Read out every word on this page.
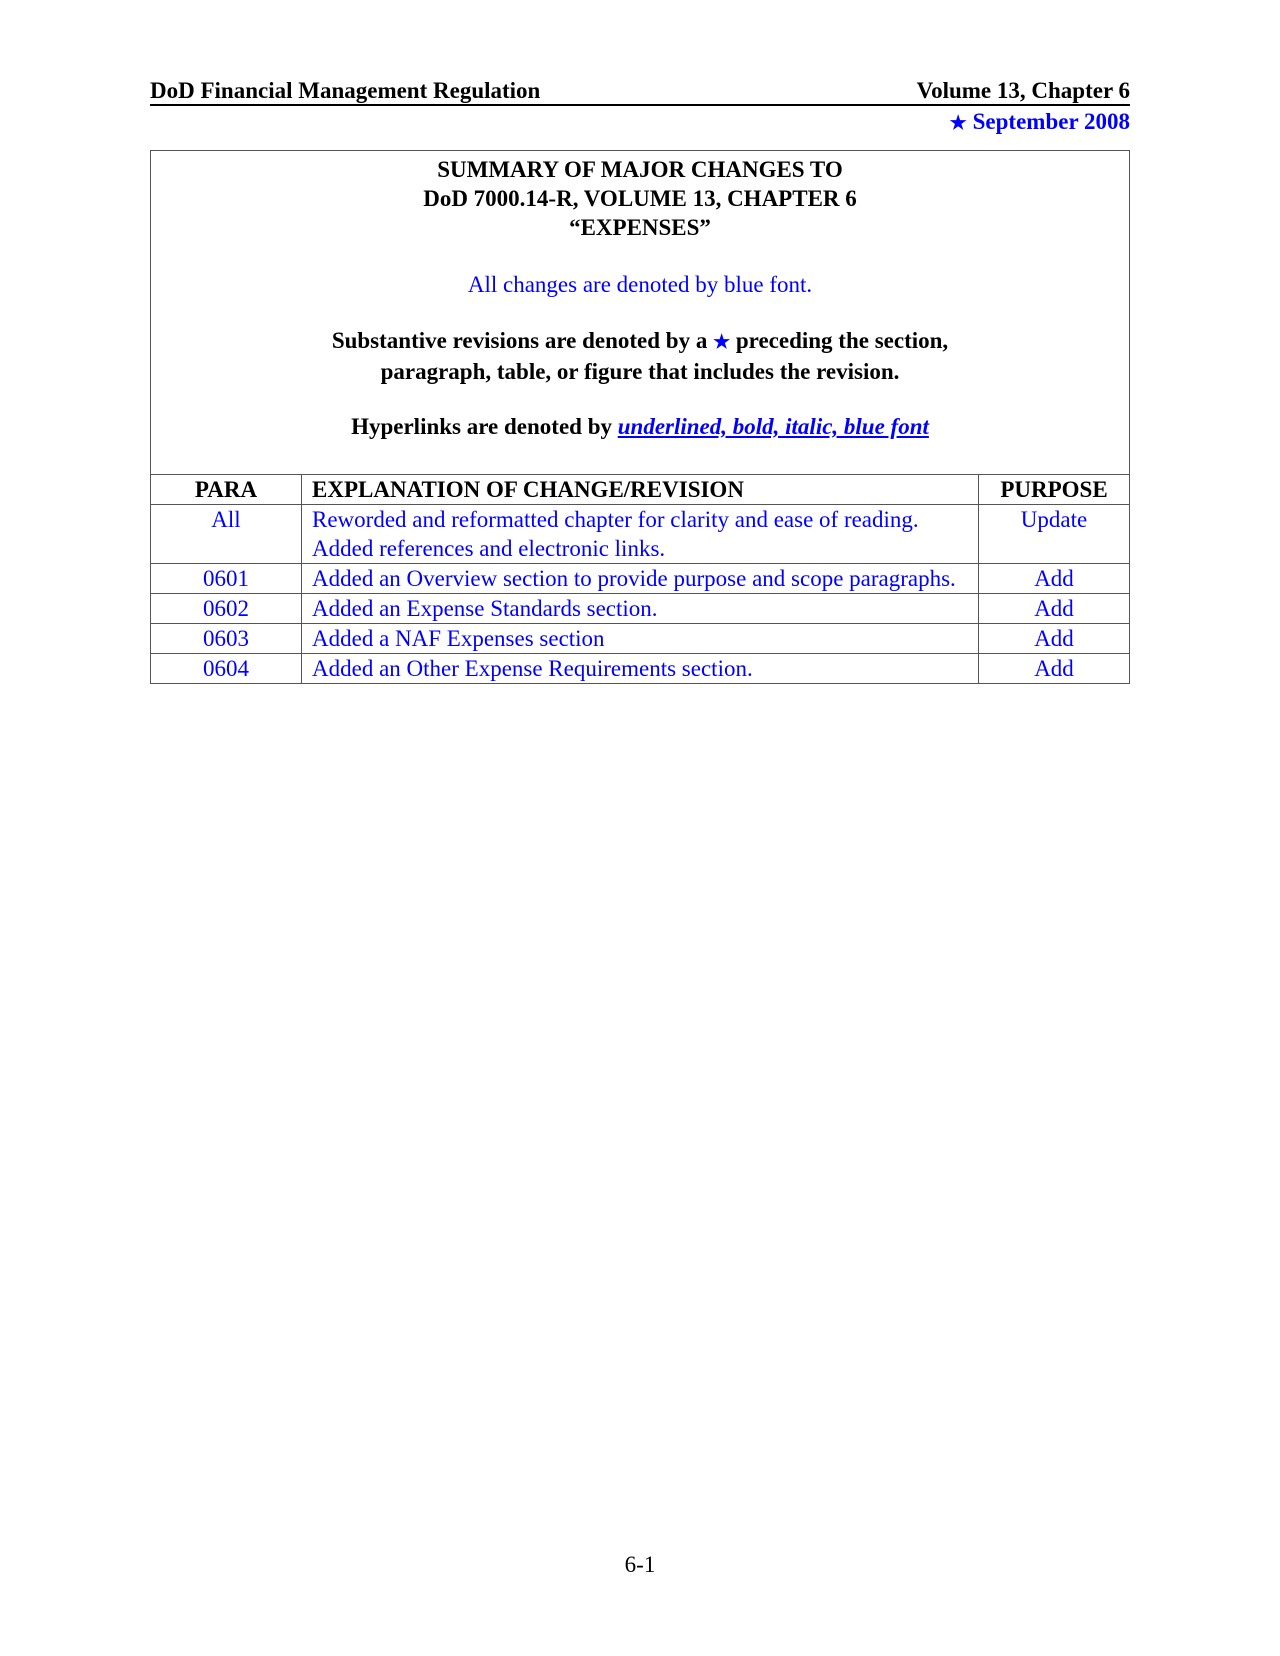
DoD Financial Management Regulation	Volume 13, Chapter 6
★ September 2008
SUMMARY OF MAJOR CHANGES TO
DoD 7000.14-R, VOLUME 13, CHAPTER 6
“EXPENSES”
All changes are denoted by blue font.
Substantive revisions are denoted by a ★ preceding the section,
paragraph, table, or figure that includes the revision.
Hyperlinks are denoted by underlined, bold, italic, blue font
PARA	EXPLANATION OF CHANGE/REVISION	PURPOSE
All	Reworded and reformatted chapter for clarity and ease of reading. Added references and electronic links.	Update
0601	Added an Overview section to provide purpose and scope paragraphs.	Add
0602	Added an Expense Standards section.	Add
0603	Added a NAF Expenses section	Add
0604	Added an Other Expense Requirements section.	Add
6-1
